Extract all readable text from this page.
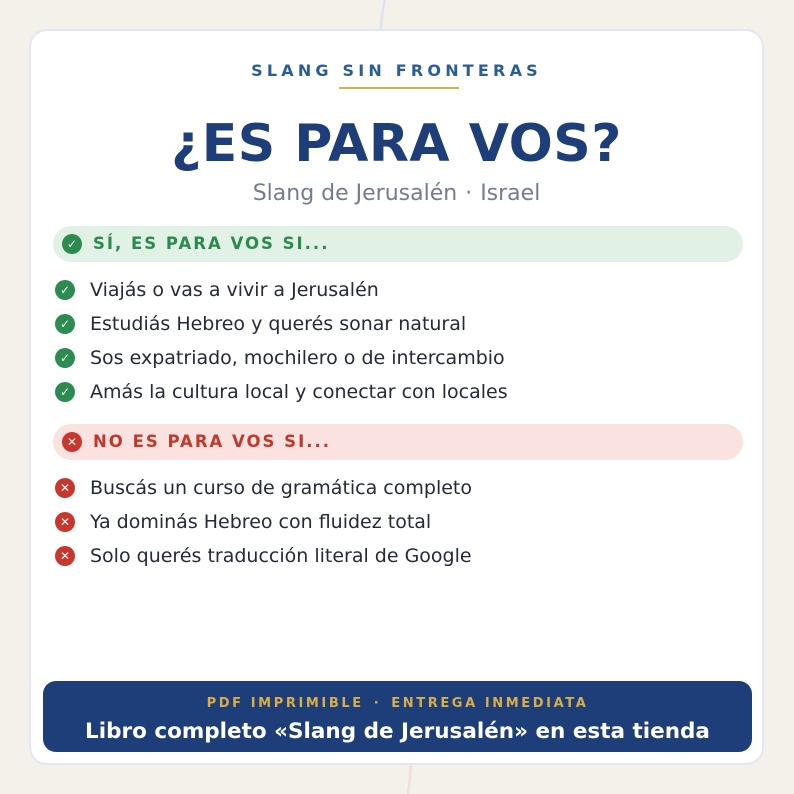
SLANG SIN FRONTERAS
¿ES PARA VOS?
Slang de Jerusalén · Israel
✓ SÍ, ES PARA VOS SI...
✓ Viajás o vas a vivir a Jerusalén
✓ Estudiás Hebreo y querés sonar natural
✓ Sos expatriado, mochilero o de intercambio
✓ Amás la cultura local y conectar con locales
✕ NO ES PARA VOS SI...
✕ Buscás un curso de gramática completo
✕ Ya dominás Hebreo con fluidez total
✕ Solo querés traducción literal de Google
PDF IMPRIMIBLE · ENTREGA INMEDIATA
Libro completo «Slang de Jerusalén» en esta tienda
